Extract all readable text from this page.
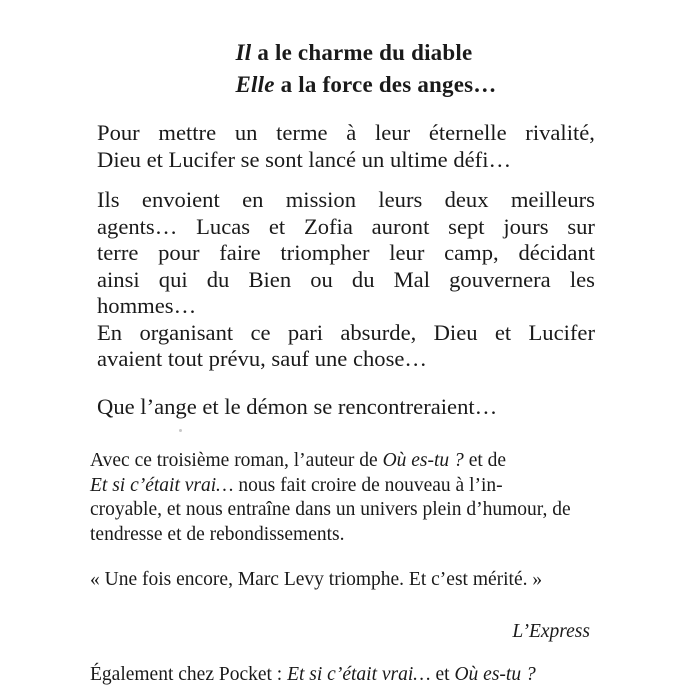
Il a le charme du diable
Elle a la force des anges…
Pour mettre un terme à leur éternelle rivalité,
Dieu et Lucifer se sont lancé un ultime défi…
Ils envoient en mission leurs deux meilleurs
agents… Lucas et Zofia auront sept jours sur
terre pour faire triompher leur camp, décidant
ainsi qui du Bien ou du Mal gouvernera les
hommes…
En organisant ce pari absurde, Dieu et Lucifer
avaient tout prévu, sauf une chose…
Que l’ange et le démon se rencontreraient…
Avec ce troisième roman, l’auteur de Où es-tu ? et de
Et si c’était vrai… nous fait croire de nouveau à l’in-
croyable, et nous entraîne dans un univers plein d’humour, de tendresse et de rebondissements.
« Une fois encore, Marc Levy triomphe. Et c’est mérité. »
L’Express
Également chez Pocket : Et si c’était vrai… et Où es-tu ?
